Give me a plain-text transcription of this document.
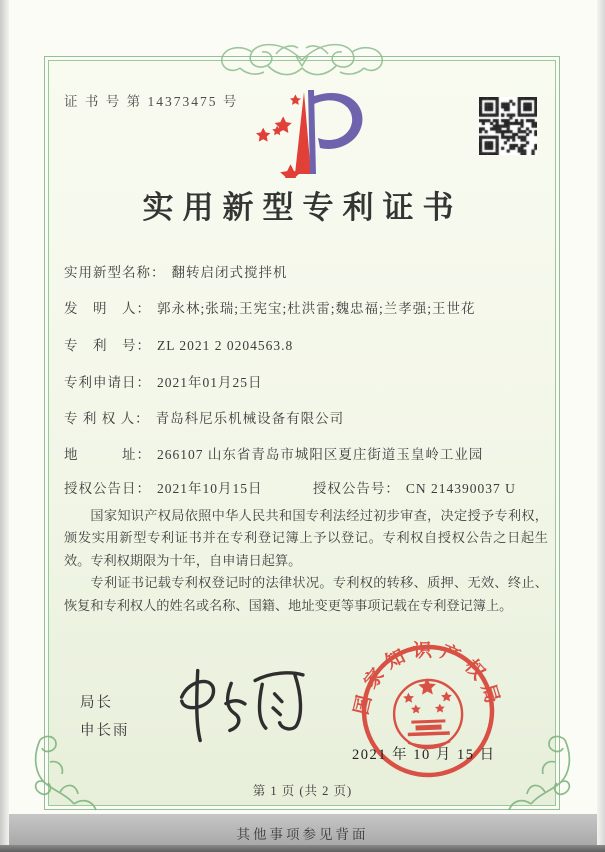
证 书 号 第 14373475 号
实用新型专利证书
实用新型名称： 翻转启闭式搅拌机
发　明　人： 郭永林;张瑞;王宪宝;杜洪雷;魏忠福;兰孝强;王世花
专　利　号： ZL 2021 2 0204563.8
专利申请日： 2021年01月25日
专 利 权 人： 青岛科尼乐机械设备有限公司
地　　　址： 266107 山东省青岛市城阳区夏庄街道玉皇岭工业园
授权公告日： 2021年10月15日	授权公告号： CN 214390037 U

国家知识产权局依照中华人民共和国专利法经过初步审查，决定授予专利权，颁发实用新型专利证书并在专利登记簿上予以登记。专利权自授权公告之日起生效。专利权期限为十年，自申请日起算。

专利证书记载专利权登记时的法律状况。专利权的转移、质押、无效、终止、恢复和专利权人的姓名或名称、国籍、地址变更等事项记载在专利登记簿上。

局长
申长雨
国家知识产权局
2021 年 10 月 15 日
第 1 页 (共 2 页)
其他事项参见背面
